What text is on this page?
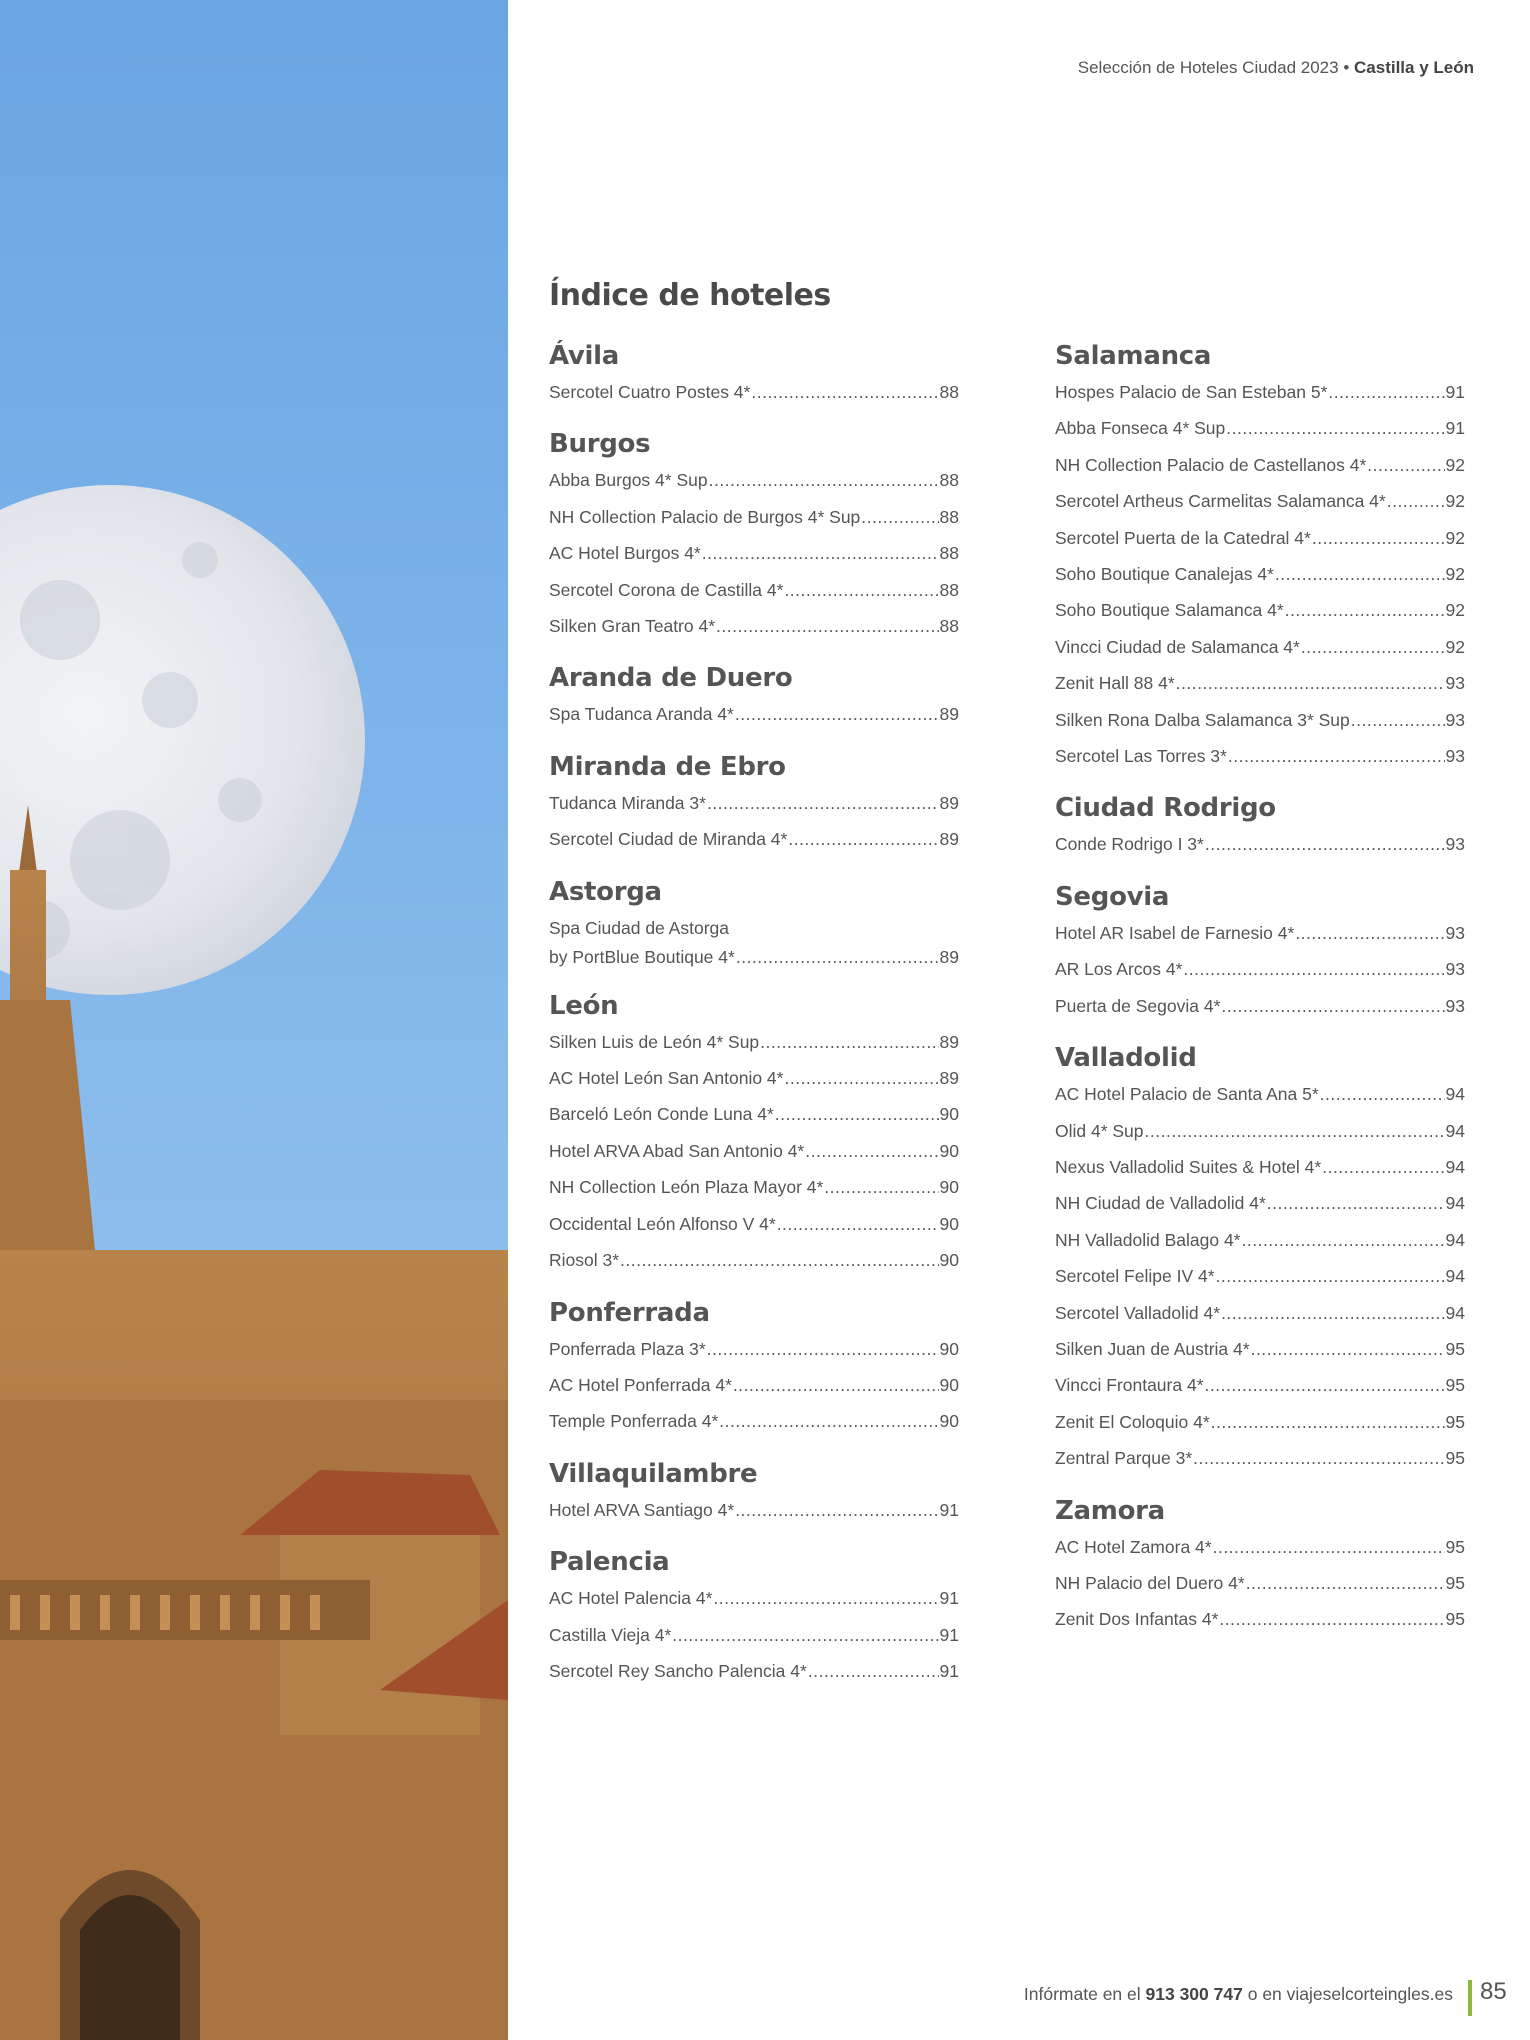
Selección de Hoteles Ciudad 2023 • Castilla y León
Índice de hoteles
Ávila
Sercotel Cuatro Postes 4* .....	88
Burgos
Abba Burgos 4* Sup .....	88
NH Collection Palacio de Burgos 4* Sup .....	88
AC Hotel Burgos 4* .....	88
Sercotel Corona de Castilla 4* .....	88
Silken Gran Teatro 4* .....	88
Aranda de Duero
Spa Tudanca Aranda 4* .....	89
Miranda de Ebro
Tudanca Miranda 3* .....	89
Sercotel Ciudad de Miranda 4* .....	89
Astorga
Spa Ciudad de Astorga
by PortBlue Boutique 4* .....	89
León
Silken Luis de León 4* Sup .....	89
AC Hotel León San Antonio 4* .....	89
Barceló León Conde Luna 4* .....	90
Hotel ARVA Abad San Antonio 4* .....	90
NH Collection León Plaza Mayor 4* .....	90
Occidental León Alfonso V 4* .....	90
Riosol 3* .....	90
Ponferrada
Ponferrada Plaza 3* .....	90
AC Hotel Ponferrada 4* .....	90
Temple Ponferrada 4* .....	90
Villaquilambre
Hotel ARVA Santiago 4* .....	91
Palencia
AC Hotel Palencia 4* .....	91
Castilla Vieja 4* .....	91
Sercotel Rey Sancho Palencia 4* .....	91
Salamanca
Hospes Palacio de San Esteban 5* .....	91
Abba Fonseca 4* Sup .....	91
NH Collection Palacio de Castellanos 4* .....	92
Sercotel Artheus Carmelitas Salamanca 4* .....	92
Sercotel Puerta de la Catedral 4* .....	92
Soho Boutique Canalejas 4* .....	92
Soho Boutique Salamanca 4* .....	92
Vincci Ciudad de Salamanca 4* .....	92
Zenit Hall 88 4* .....	93
Silken Rona Dalba Salamanca 3* Sup .....	93
Sercotel Las Torres 3* .....	93
Ciudad Rodrigo
Conde Rodrigo I 3* .....	93
Segovia
Hotel AR Isabel de Farnesio 4* .....	93
AR Los Arcos 4* .....	93
Puerta de Segovia 4* .....	93
Valladolid
AC Hotel Palacio de Santa Ana 5* .....	94
Olid 4* Sup .....	94
Nexus Valladolid Suites & Hotel 4* .....	94
NH Ciudad de Valladolid 4* .....	94
NH Valladolid Balago 4* .....	94
Sercotel Felipe IV 4* .....	94
Sercotel Valladolid 4* .....	94
Silken Juan de Austria 4* .....	95
Vincci Frontaura 4* .....	95
Zenit El Coloquio 4* .....	95
Zentral Parque 3* .....	95
Zamora
AC Hotel Zamora 4* .....	95
NH Palacio del Duero 4* .....	95
Zenit Dos Infantas 4* .....	95
Infórmate en el 913 300 747 o en viajeselcorteingles.es 85
